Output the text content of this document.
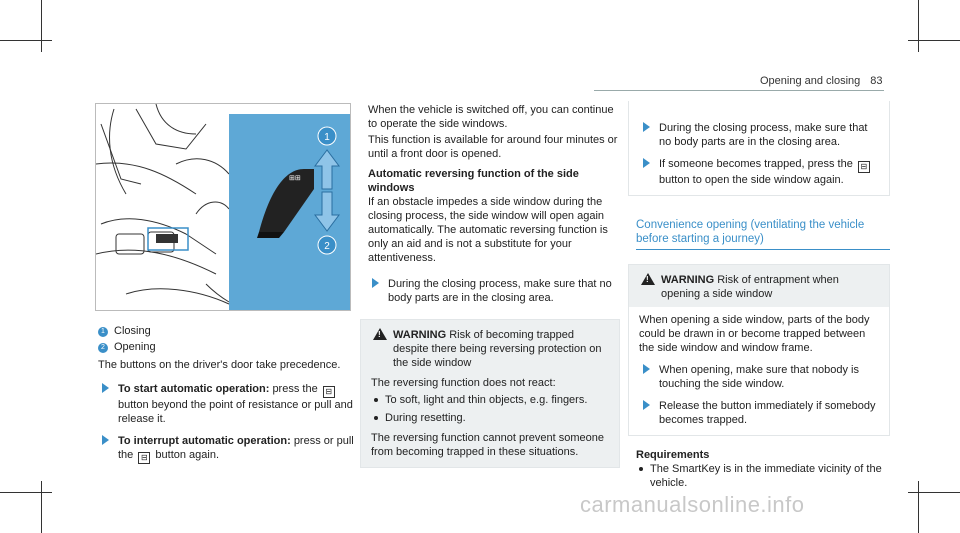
Opening and closing 83
⊞⊞
1
2
1 Closing
2 Opening
The buttons on the driver's door take precedence.
To start automatic operation: press the ⊟ button beyond the point of resistance or pull and release it.
To interrupt automatic operation: press or pull the ⊟ button again.
When the vehicle is switched off, you can continue to operate the side windows.
This function is available for around four minutes or until a front door is opened.
Automatic reversing function of the side windows
If an obstacle impedes a side window during the closing process, the side window will open again automatically. The automatic reversing function is only an aid and is not a substitute for your attentiveness.
During the closing process, make sure that no body parts are in the closing area.
!
WARNING Risk of becoming trapped despite there being reversing protection on the side window
The reversing function does not react:
To soft, light and thin objects, e.g. fingers.
During resetting.
The reversing function cannot prevent someone from becoming trapped in these situations.
During the closing process, make sure that no body parts are in the closing area.
If someone becomes trapped, press the ⊟ button to open the side window again.
Convenience opening (ventilating the vehicle before starting a journey)
!
WARNING Risk of entrapment when opening a side window
When opening a side window, parts of the body could be drawn in or become trapped between the side window and window frame.
When opening, make sure that nobody is touching the side window.
Release the button immediately if somebody becomes trapped.
Requirements
The SmartKey is in the immediate vicinity of the vehicle.
carmanualsonline.info
